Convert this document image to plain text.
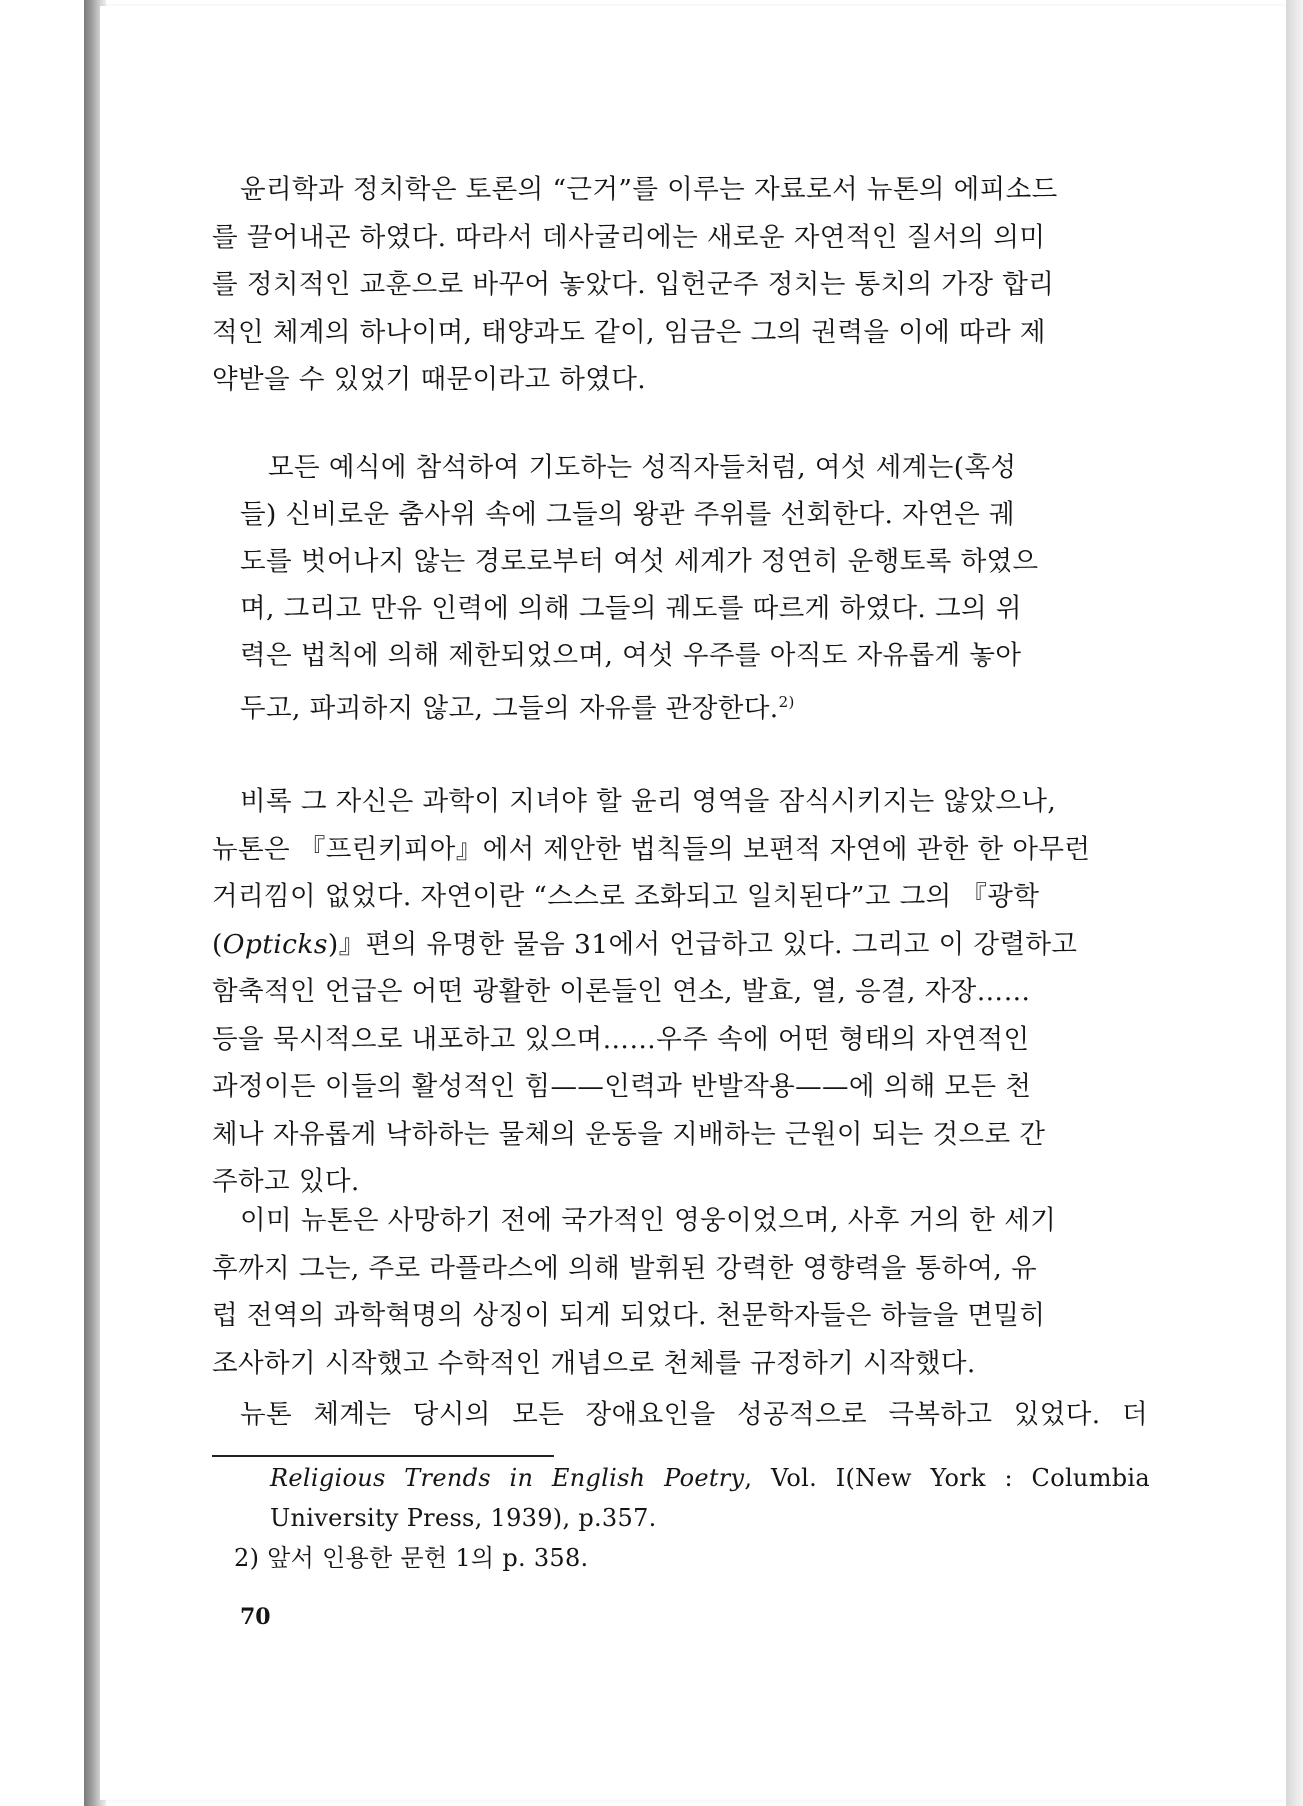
윤리학과 정치학은 토론의 “근거”를 이루는 자료로서 뉴톤의 에피소드
를 끌어내곤 하였다. 따라서 데사굴리에는 새로운 자연적인 질서의 의미
를 정치적인 교훈으로 바꾸어 놓았다. 입헌군주 정치는 통치의 가장 합리
적인 체계의 하나이며, 태양과도 같이, 임금은 그의 권력을 이에 따라 제
약받을 수 있었기 때문이라고 하였다.
모든 예식에 참석하여 기도하는 성직자들처럼, 여섯 세계는(혹성
들) 신비로운 춤사위 속에 그들의 왕관 주위를 선회한다. 자연은 궤
도를 벗어나지 않는 경로로부터 여섯 세계가 정연히 운행토록 하였으
며, 그리고 만유 인력에 의해 그들의 궤도를 따르게 하였다. 그의 위
력은 법칙에 의해 제한되었으며, 여섯 우주를 아직도 자유롭게 놓아
두고, 파괴하지 않고, 그들의 자유를 관장한다.$^{2)}$
비록 그 자신은 과학이 지녀야 할 윤리 영역을 잠식시키지는 않았으나,
뉴톤은 『프린키피아』에서 제안한 법칙들의 보편적 자연에 관한 한 아무런
거리낌이 없었다. 자연이란 “스스로 조화되고 일치된다”고 그의 『광학
(Opticks)』편의 유명한 물음 31에서 언급하고 있다. 그리고 이 강렬하고
함축적인 언급은 어떤 광활한 이론들인 연소, 발효, 열, 응결, 자장……
등을 묵시적으로 내포하고 있으며……우주 속에 어떤 형태의 자연적인
과정이든 이들의 활성적인 힘——인력과 반발작용——에 의해 모든 천
체나 자유롭게 낙하하는 물체의 운동을 지배하는 근원이 되는 것으로 간
주하고 있다.
이미 뉴톤은 사망하기 전에 국가적인 영웅이었으며, 사후 거의 한 세기
후까지 그는, 주로 라플라스에 의해 발휘된 강력한 영향력을 통하여, 유
럽 전역의 과학혁명의 상징이 되게 되었다. 천문학자들은 하늘을 면밀히
조사하기 시작했고 수학적인 개념으로 천체를 규정하기 시작했다.
뉴톤 체계는 당시의 모든 장애요인을 성공적으로 극복하고 있었다. 더
Religious Trends in English Poetry, Vol. I(New York : Columbia
University Press, 1939), p.357.
2) 앞서 인용한 문헌 1의 p. 358.
70
